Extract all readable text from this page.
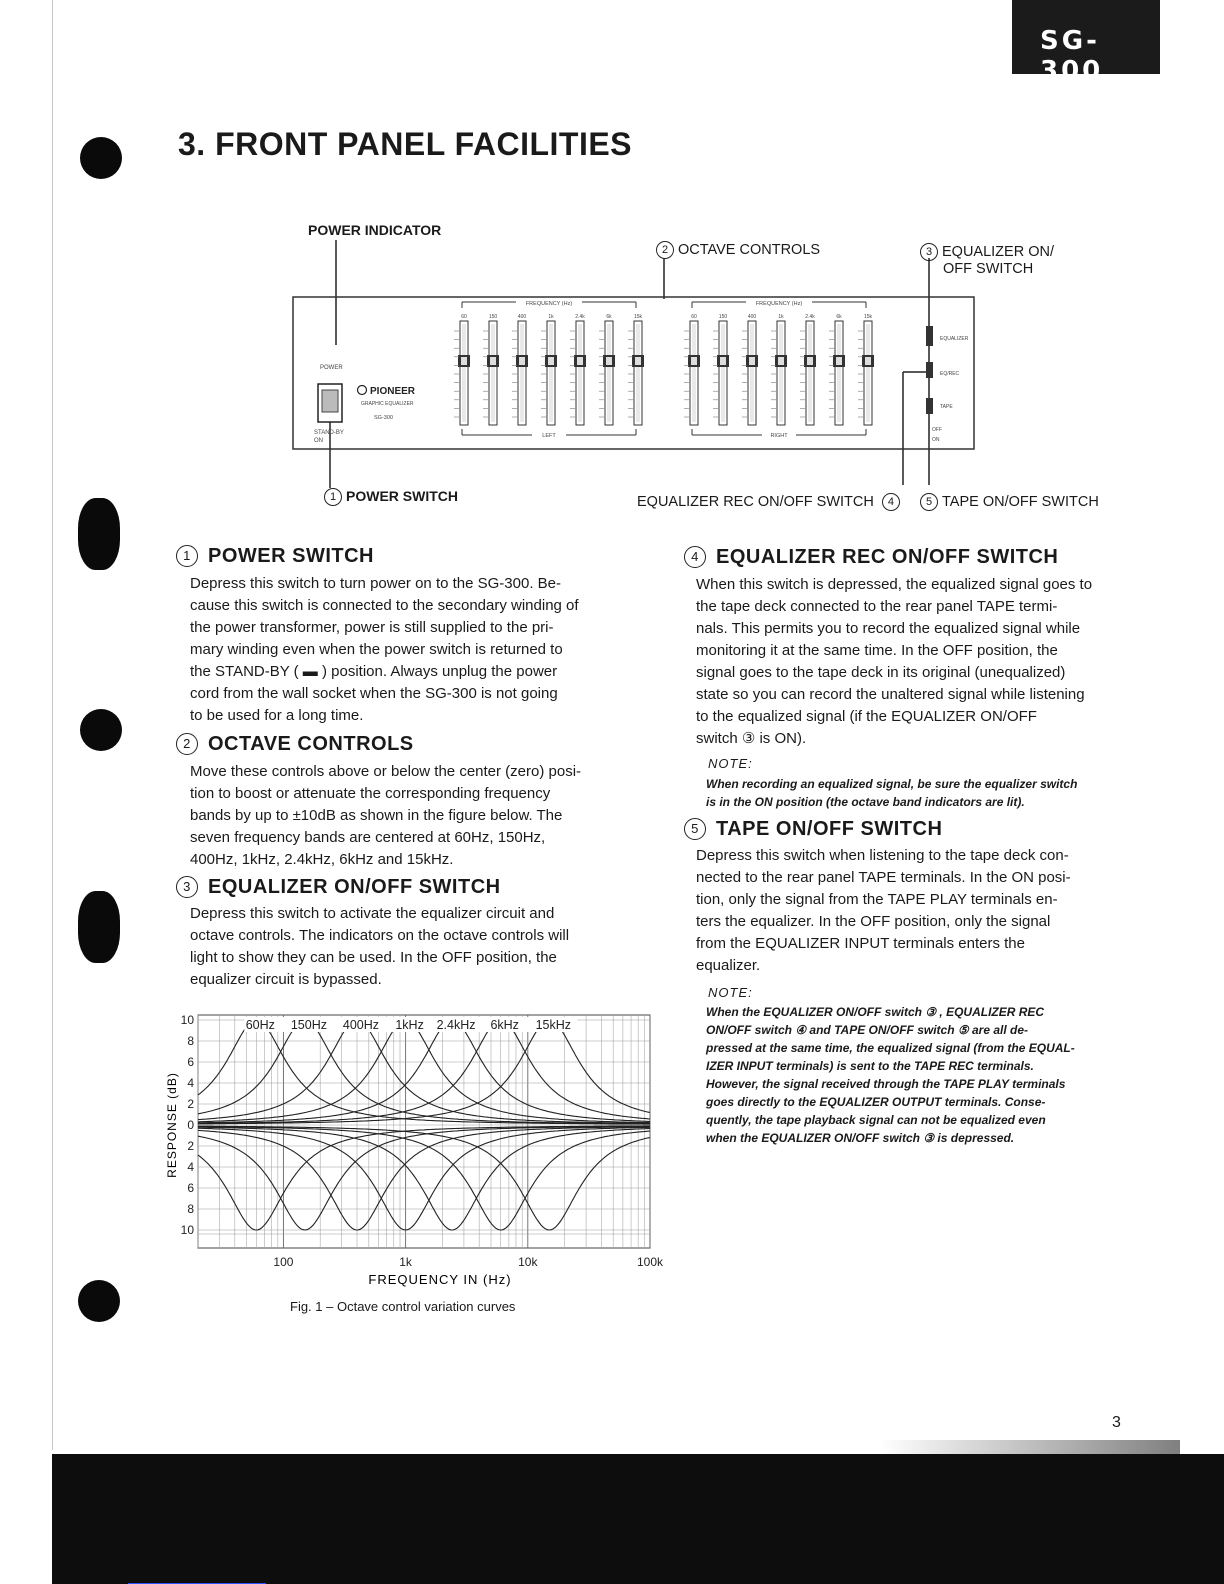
SG-300
3. FRONT PANEL FACILITIES
POWER INDICATOR
2 OCTAVE CONTROLS	3 EQUALIZER ON/
OFF SWITCH
1 POWER SWITCH	EQUALIZER REC ON/OFF SWITCH 4	5 TAPE ON/OFF SWITCH
POWER
STAND-BY
ON
PIONEER
GRAPHIC EQUALIZER
SG-300
FREQUENCY (Hz)	FREQUENCY (Hz)
LEFT	RIGHT
60	150	400	1k	2.4k	6k	15k	60	150	400	1k	2.4k	6k	15k
EQUALIZER
EQ/REC
TAPE
OFF
ON
1 POWER SWITCH
Depress this switch to turn power on to the SG-300. Be-
cause this switch is connected to the secondary winding of
the power transformer, power is still supplied to the pri-
mary winding even when the power switch is returned to
the STAND-BY ( ▬ ) position. Always unplug the power
cord from the wall socket when the SG-300 is not going
to be used for a long time.
2 OCTAVE CONTROLS
Move these controls above or below the center (zero) posi-
tion to boost or attenuate the corresponding frequency
bands by up to ±10dB as shown in the figure below. The
seven frequency bands are centered at 60Hz, 150Hz,
400Hz, 1kHz, 2.4kHz, 6kHz and 15kHz.
3 EQUALIZER ON/OFF SWITCH
Depress this switch to activate the equalizer circuit and
octave controls. The indicators on the octave controls will
light to show they can be used. In the OFF position, the
equalizer circuit is bypassed.
60Hz 150Hz 400Hz 1kHz 2.4kHz 6kHz 15kHz
10
8
6
4
2
0
2
4
6
8
10
100	1k	10k	100k
FREQUENCY IN (Hz)
RESPONSE (dB)
Fig. 1 – Octave control variation curves
4 EQUALIZER REC ON/OFF SWITCH
When this switch is depressed, the equalized signal goes to
the tape deck connected to the rear panel TAPE termi-
nals. This permits you to record the equalized signal while
monitoring it at the same time. In the OFF position, the
signal goes to the tape deck in its original (unequalized)
state so you can record the unaltered signal while listening
to the equalized signal (if the EQUALIZER ON/OFF
switch ③ is ON).
NOTE:
When recording an equalized signal, be sure the equalizer switch
is in the ON position (the octave band indicators are lit).
5 TAPE ON/OFF SWITCH
Depress this switch when listening to the tape deck con-
nected to the rear panel TAPE terminals. In the ON posi-
tion, only the signal from the TAPE PLAY terminals en-
ters the equalizer. In the OFF position, only the signal
from the EQUALIZER INPUT terminals enters the
equalizer.
NOTE:
When the EQUALIZER ON/OFF switch ③ , EQUALIZER REC
ON/OFF switch ④ and TAPE ON/OFF switch ⑤ are all de-
pressed at the same time, the equalized signal (from the EQUAL-
IZER INPUT terminals) is sent to the TAPE REC terminals.
However, the signal received through the TAPE PLAY terminals
goes directly to the EQUALIZER OUTPUT terminals. Conse-
quently, the tape playback signal can not be equalized even
when the EQUALIZER ON/OFF switch ③ is depressed.
3
